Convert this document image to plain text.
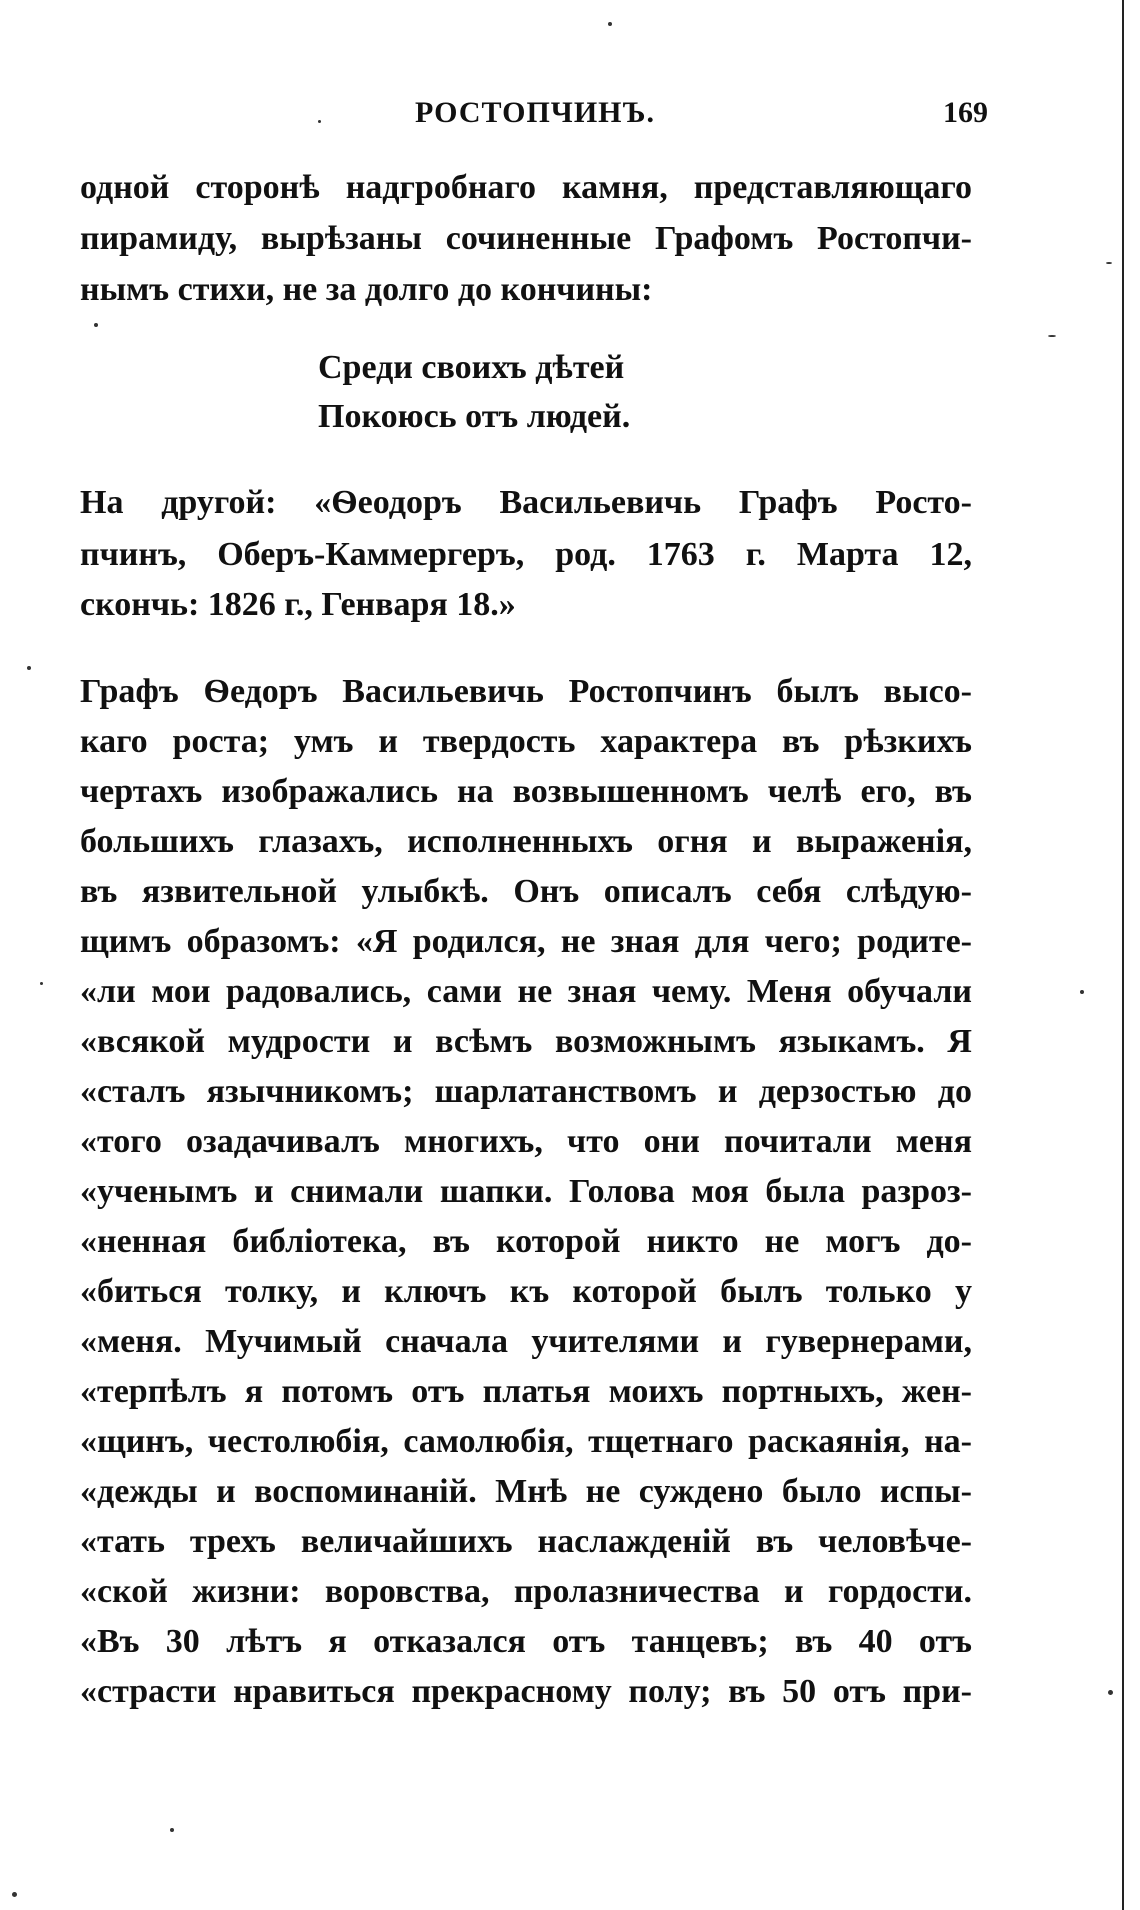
РОСТОПЧИНЪ.	169
одной сторонѣ надгробнаго камня, представляющаго
пирамиду, вырѣзаны сочиненные Графомъ Ростопчи-
нымъ стихи, не за долго до кончины:
Среди своихъ дѣтей
Покоюсь отъ людей.
На другой: «Ѳеодоръ Васильевичь Графъ Росто-
пчинъ, Оберъ-Каммергеръ, род. 1763 г. Марта 12,
скончь: 1826 г., Генваря 18.»
Графъ Ѳедоръ Васильевичь Ростопчинъ былъ высо-
каго роста; умъ и твердость характера въ рѣзкихъ
чертахъ изображались на возвышенномъ челѣ его, въ
большихъ глазахъ, исполненныхъ огня и выраженія,
въ язвительной улыбкѣ. Онъ описалъ себя слѣдую-
щимъ образомъ: «Я родился, не зная для чего; родите-
«ли мои радовались, сами не зная чему. Меня обучали
«всякой мудрости и всѣмъ возможнымъ языкамъ. Я
«сталъ язычникомъ; шарлатанствомъ и дерзостью до
«того озадачивалъ многихъ, что они почитали меня
«ученымъ и снимали шапки. Голова моя была разроз-
«ненная библіотека, въ которой никто не могъ до-
«биться толку, и ключъ къ которой былъ только у
«меня. Мучимый сначала учителями и гувернерами,
«терпѣлъ я потомъ отъ платья моихъ портныхъ, жен-
«щинъ, честолюбія, самолюбія, тщетнаго раскаянія, на-
«дежды и воспоминаній. Мнѣ не суждено было испы-
«тать трехъ величайшихъ наслажденій въ человѣче-
«ской жизни: воровства, пролазничества и гордости.
«Въ 30 лѣтъ я отказался отъ танцевъ; въ 40 отъ
«страсти нравиться прекрасному полу; въ 50 отъ при-
